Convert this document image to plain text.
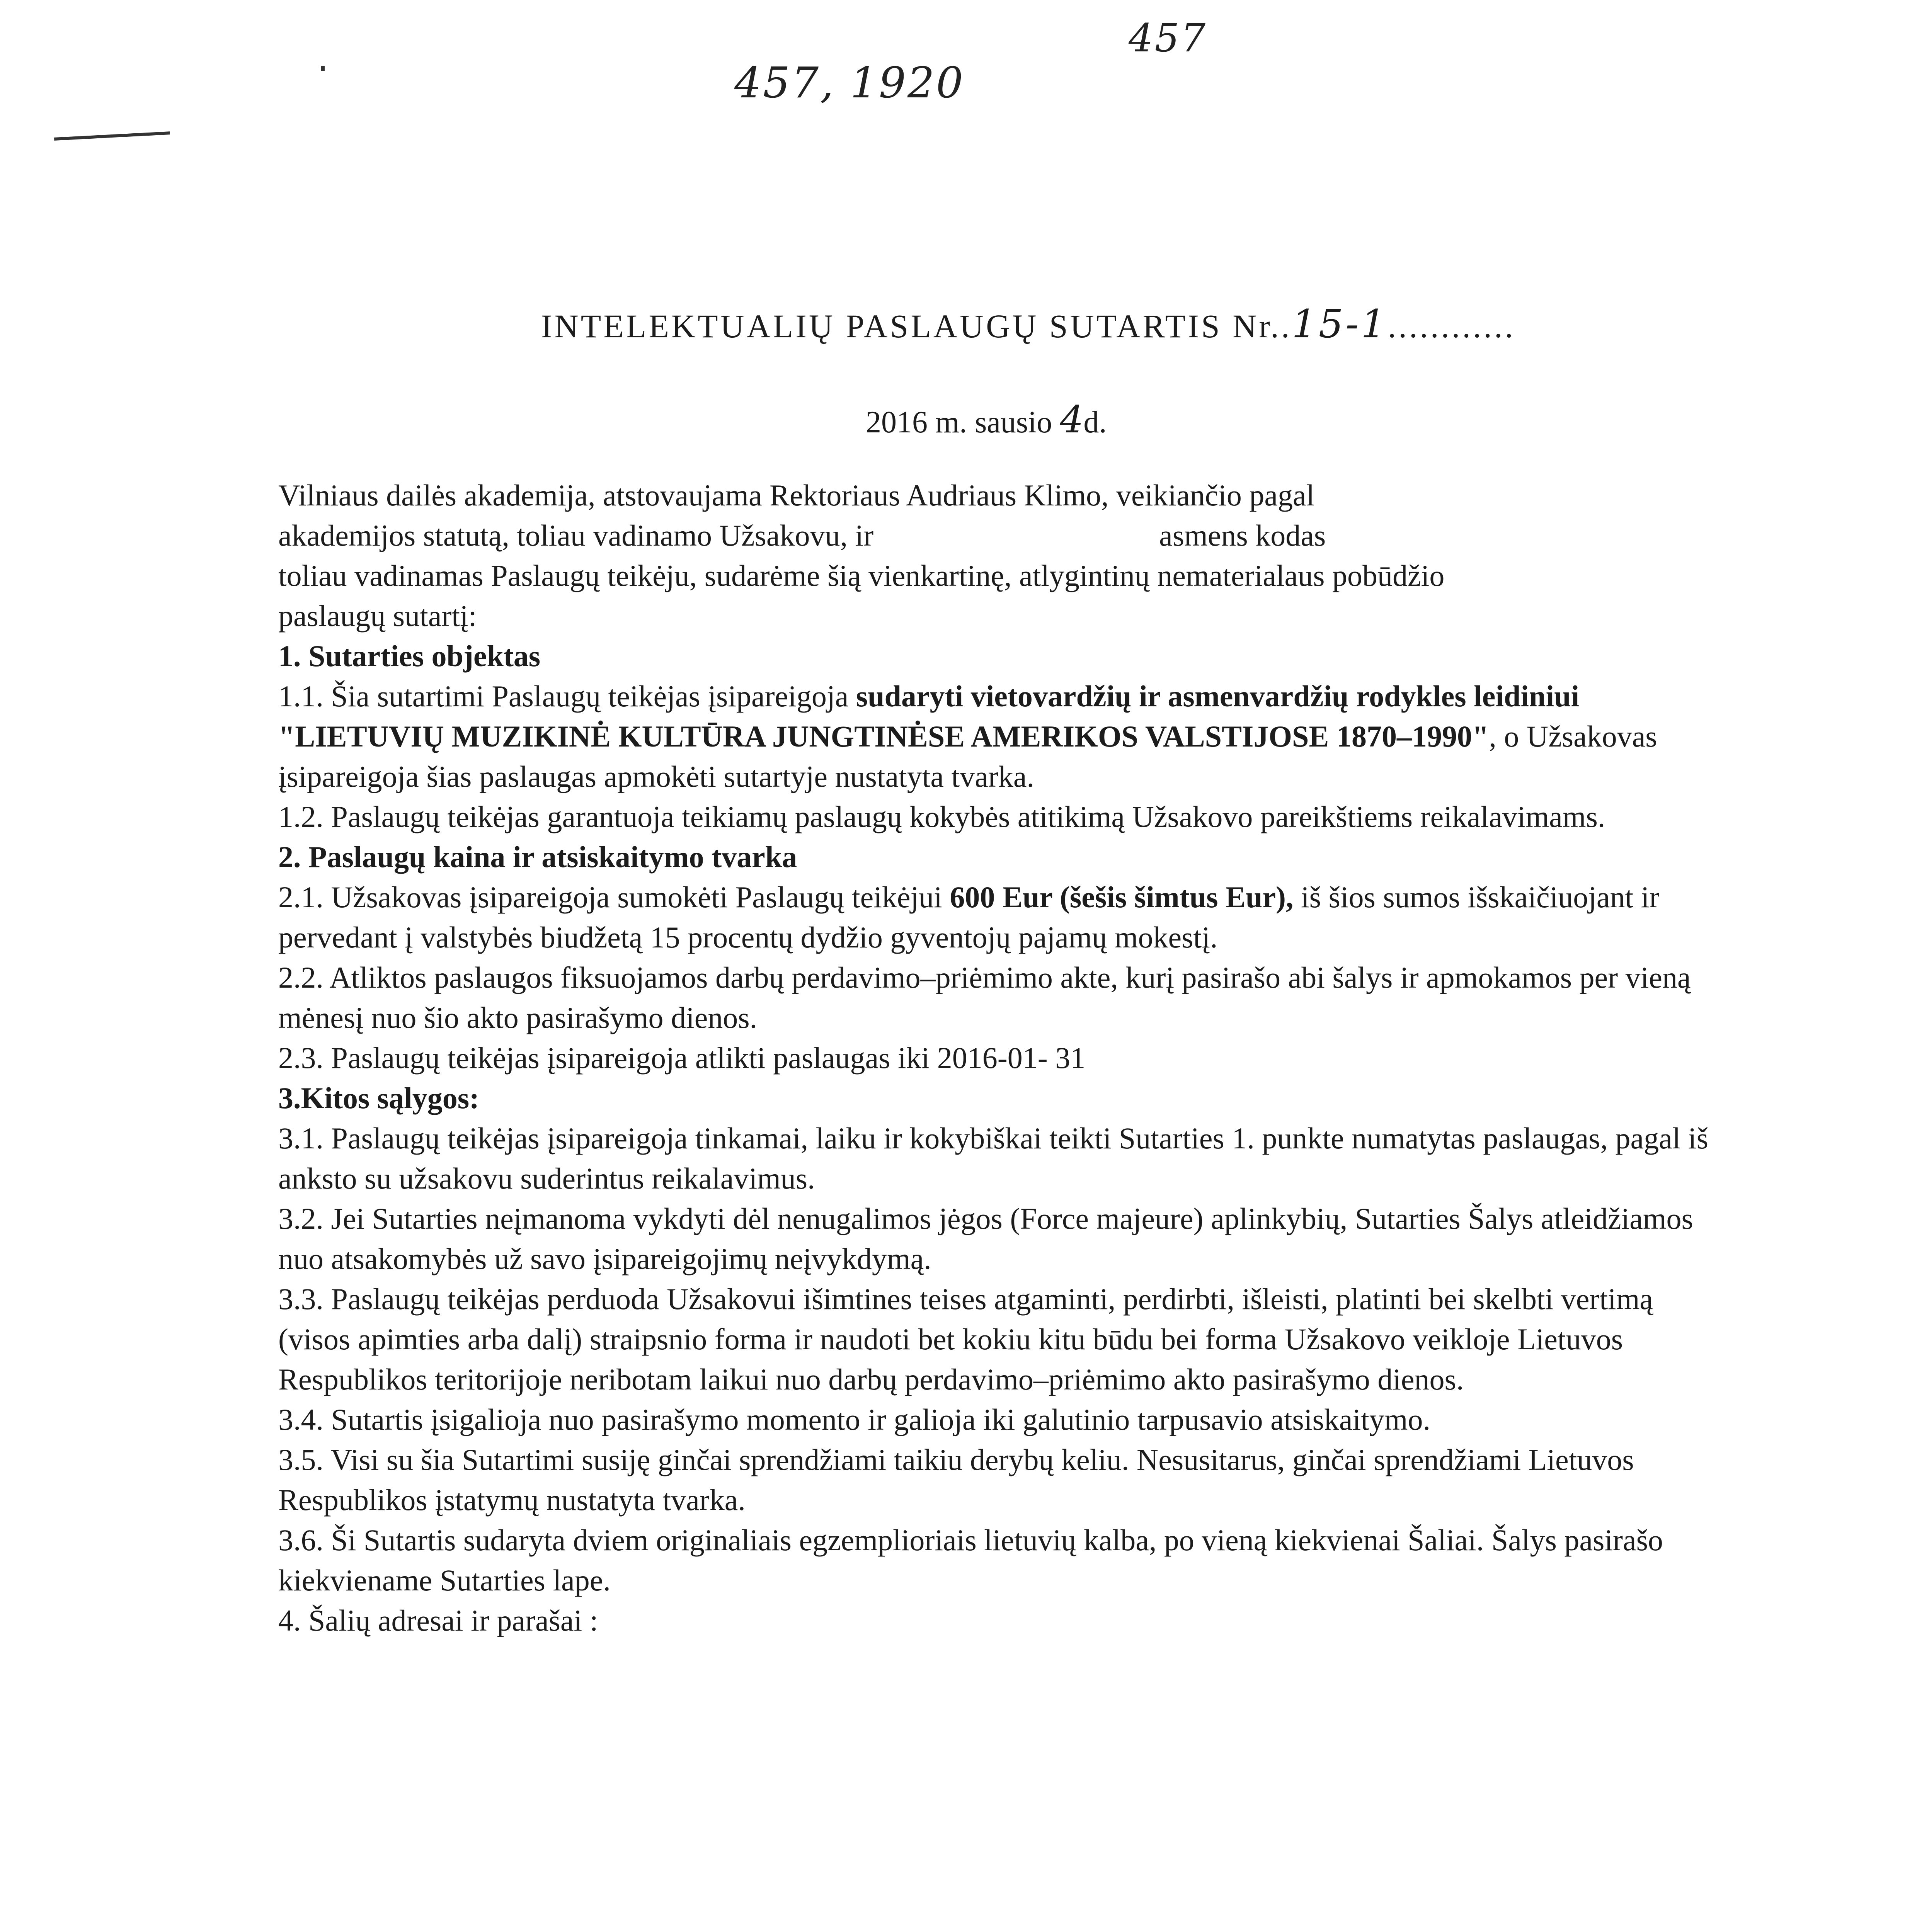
457, 1920
457
INTELEKTUALIŲ PASLAUGŲ SUTARTIS Nr..15-1............
2016 m. sausio 4d.

Vilniaus dailės akademija, atstovaujama Rektoriaus Audriaus Klimo, veikiančio pagal

akademijos statutą, toliau vadinamo Užsakovu, ir	asmens kodas

toliau vadinamas Paslaugų teikėju, sudarėme šią vienkartinę, atlygintinų nematerialaus pobūdžio

paslaugų sutartį:

1. Sutarties objektas

1.1. Šia sutartimi Paslaugų teikėjas įsipareigoja sudaryti vietovardžių ir asmenvardžių rodykles leidiniui "LIETUVIŲ MUZIKINĖ KULTŪRA JUNGTINĖSE AMERIKOS VALSTIJOSE 1870–1990", o Užsakovas įsipareigoja šias paslaugas apmokėti sutartyje nustatyta tvarka.

1.2. Paslaugų teikėjas garantuoja teikiamų paslaugų kokybės atitikimą Užsakovo pareikštiems reikalavimams.

2. Paslaugų kaina ir atsiskaitymo tvarka

2.1. Užsakovas įsipareigoja sumokėti Paslaugų teikėjui 600 Eur (šešis šimtus Eur), iš šios sumos išskaičiuojant ir pervedant į valstybės biudžetą 15 procentų dydžio gyventojų pajamų mokestį.

2.2. Atliktos paslaugos fiksuojamos darbų perdavimo–priėmimo akte, kurį pasirašo abi šalys ir apmokamos per vieną mėnesį nuo šio akto pasirašymo dienos.

2.3. Paslaugų teikėjas įsipareigoja atlikti paslaugas iki 2016-01- 31

3.Kitos sąlygos:

3.1. Paslaugų teikėjas įsipareigoja tinkamai, laiku ir kokybiškai teikti Sutarties 1. punkte numatytas paslaugas, pagal iš anksto su užsakovu suderintus reikalavimus.

3.2. Jei Sutarties neįmanoma vykdyti dėl nenugalimos jėgos (Force majeure) aplinkybių, Sutarties Šalys atleidžiamos nuo atsakomybės už savo įsipareigojimų neįvykdymą.

3.3. Paslaugų teikėjas perduoda Užsakovui išimtines teises atgaminti, perdirbti, išleisti, platinti bei skelbti vertimą (visos apimties arba dalį) straipsnio forma ir naudoti bet kokiu kitu būdu bei forma Užsakovo veikloje Lietuvos Respublikos teritorijoje neribotam laikui nuo darbų perdavimo–priėmimo akto pasirašymo dienos.

3.4. Sutartis įsigalioja nuo pasirašymo momento ir galioja iki galutinio tarpusavio atsiskaitymo.

3.5. Visi su šia Sutartimi susiję ginčai sprendžiami taikiu derybų keliu. Nesusitarus, ginčai sprendžiami Lietuvos Respublikos įstatymų nustatyta tvarka.

3.6. Ši Sutartis sudaryta dviem originaliais egzemplioriais lietuvių kalba, po vieną kiekvienai Šaliai. Šalys pasirašo kiekviename Sutarties lape.

4. Šalių adresai ir parašai :
